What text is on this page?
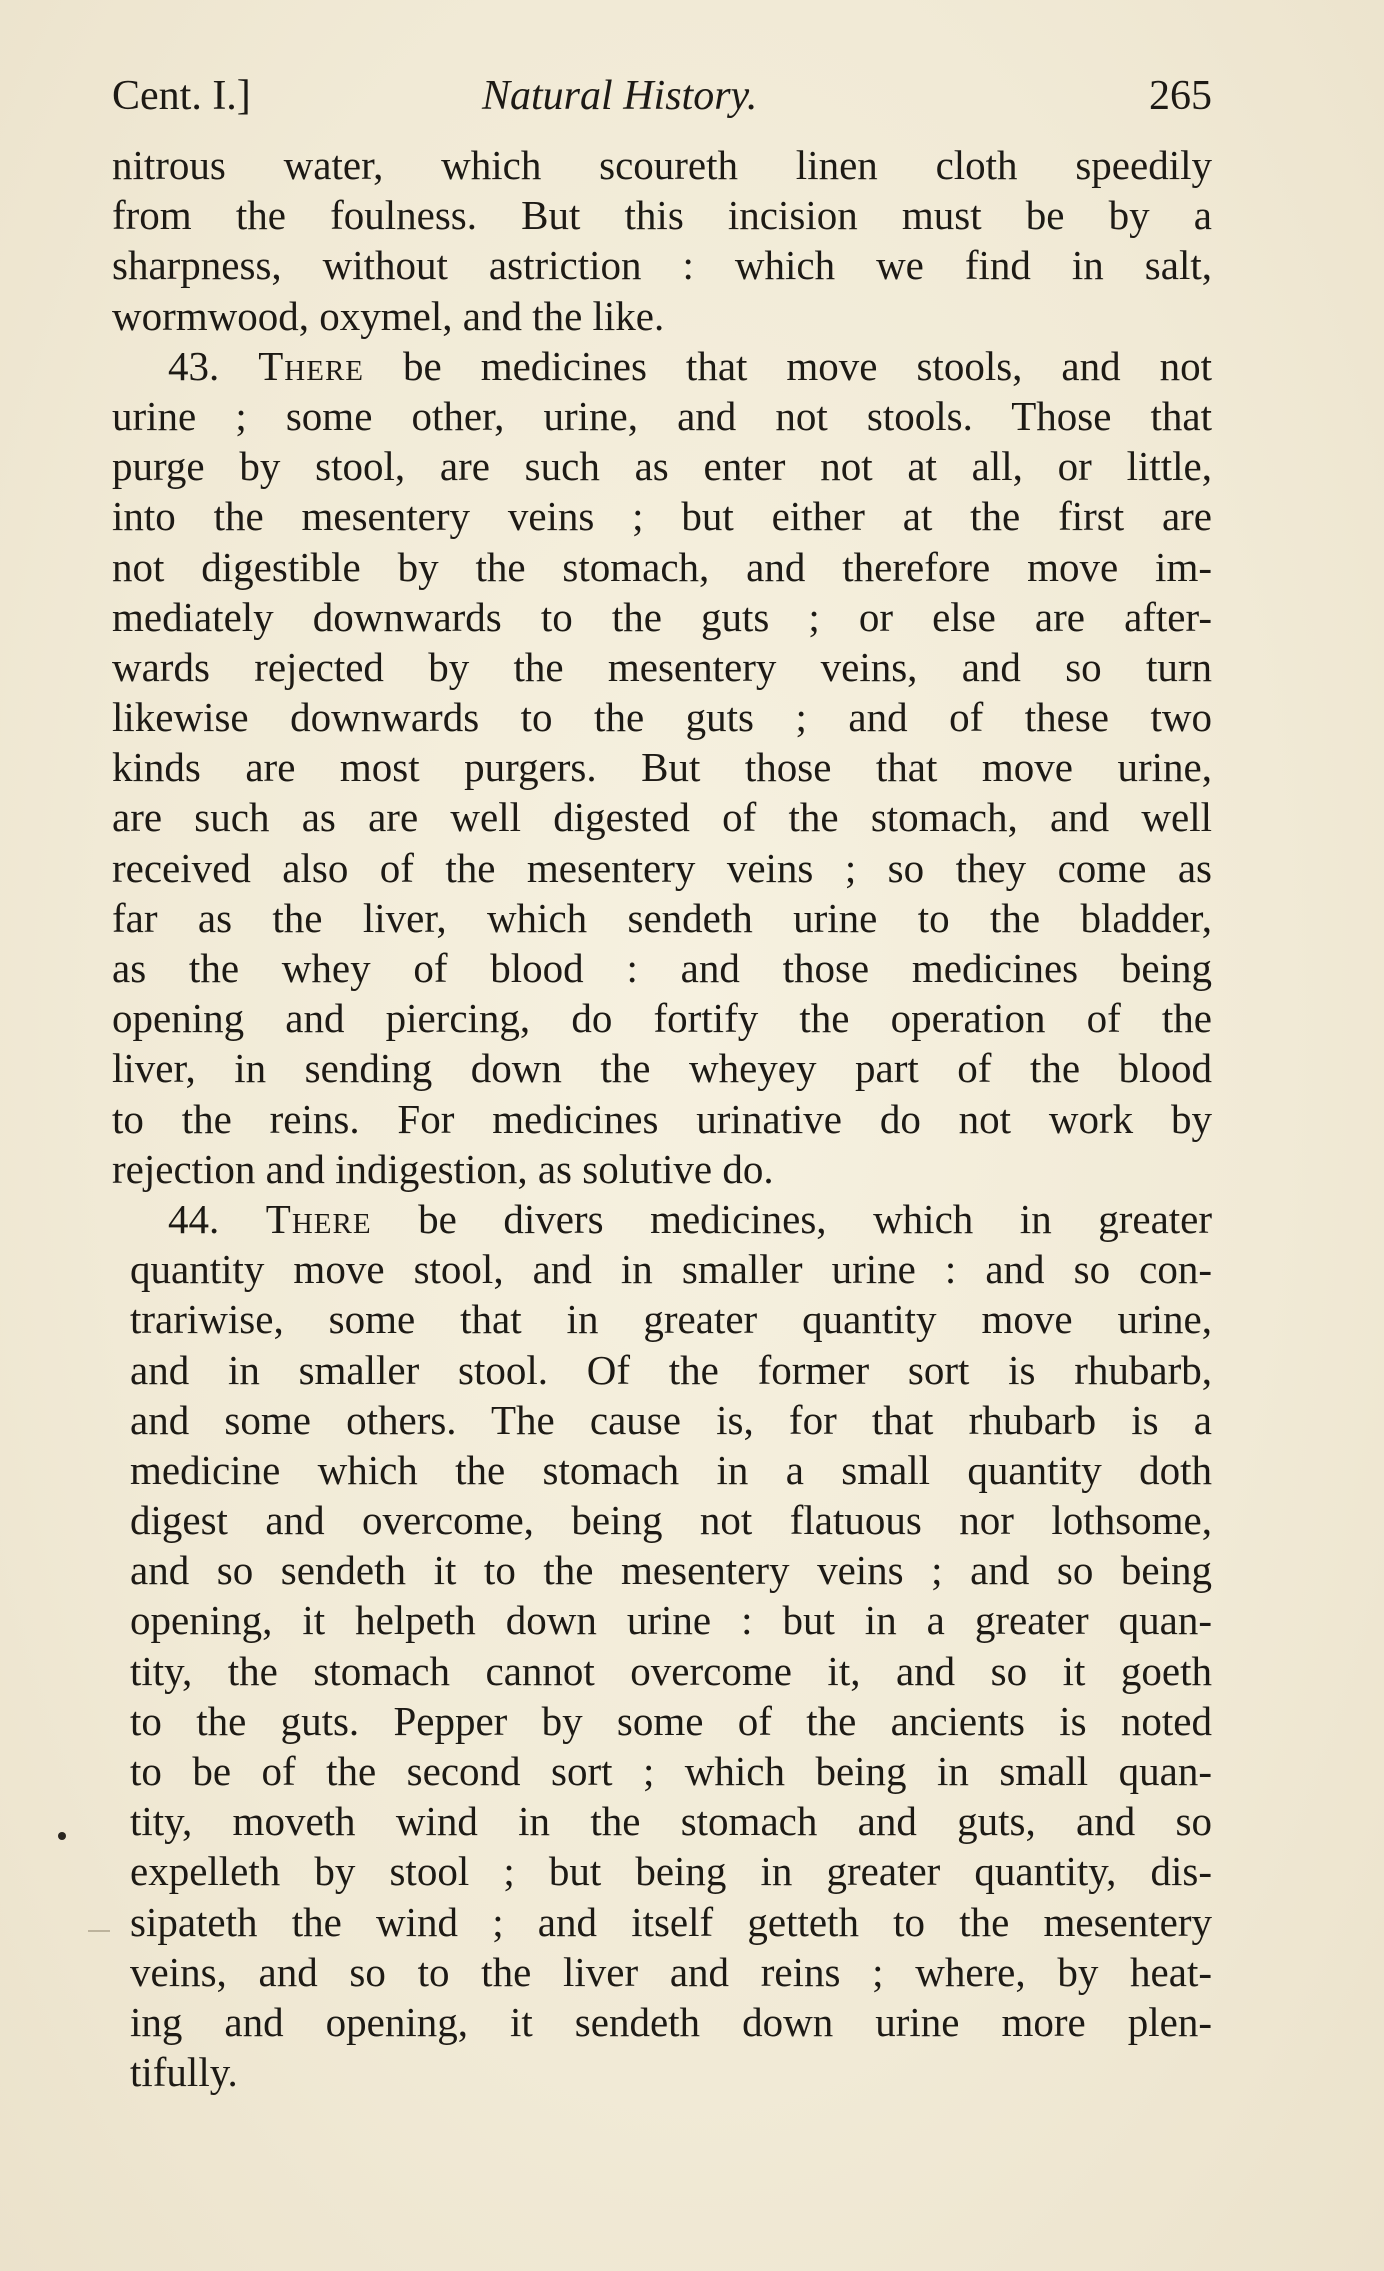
Cent. I.]	Natural History.	265
nitrous water, which scoureth linen cloth speedily
from the foulness. But this incision must be by a
sharpness, without astriction : which we find in salt,
wormwood, oxymel, and the like.
43. There be medicines that move stools, and not
urine ; some other, urine, and not stools. Those that
purge by stool, are such as enter not at all, or little,
into the mesentery veins ; but either at the first are
not digestible by the stomach, and therefore move im-
mediately downwards to the guts ; or else are after-
wards rejected by the mesentery veins, and so turn
likewise downwards to the guts ; and of these two
kinds are most purgers. But those that move urine,
are such as are well digested of the stomach, and well
received also of the mesentery veins ; so they come as
far as the liver, which sendeth urine to the bladder,
as the whey of blood : and those medicines being
opening and piercing, do fortify the operation of the
liver, in sending down the wheyey part of the blood
to the reins. For medicines urinative do not work by
rejection and indigestion, as solutive do.
44. There be divers medicines, which in greater
quantity move stool, and in smaller urine : and so con-
trariwise, some that in greater quantity move urine,
and in smaller stool. Of the former sort is rhubarb,
and some others. The cause is, for that rhubarb is a
medicine which the stomach in a small quantity doth
digest and overcome, being not flatuous nor lothsome,
and so sendeth it to the mesentery veins ; and so being
opening, it helpeth down urine : but in a greater quan-
tity, the stomach cannot overcome it, and so it goeth
to the guts. Pepper by some of the ancients is noted
to be of the second sort ; which being in small quan-
tity, moveth wind in the stomach and guts, and so
expelleth by stool ; but being in greater quantity, dis-
sipateth the wind ; and itself getteth to the mesentery
veins, and so to the liver and reins ; where, by heat-
ing and opening, it sendeth down urine more plen-
tifully.
